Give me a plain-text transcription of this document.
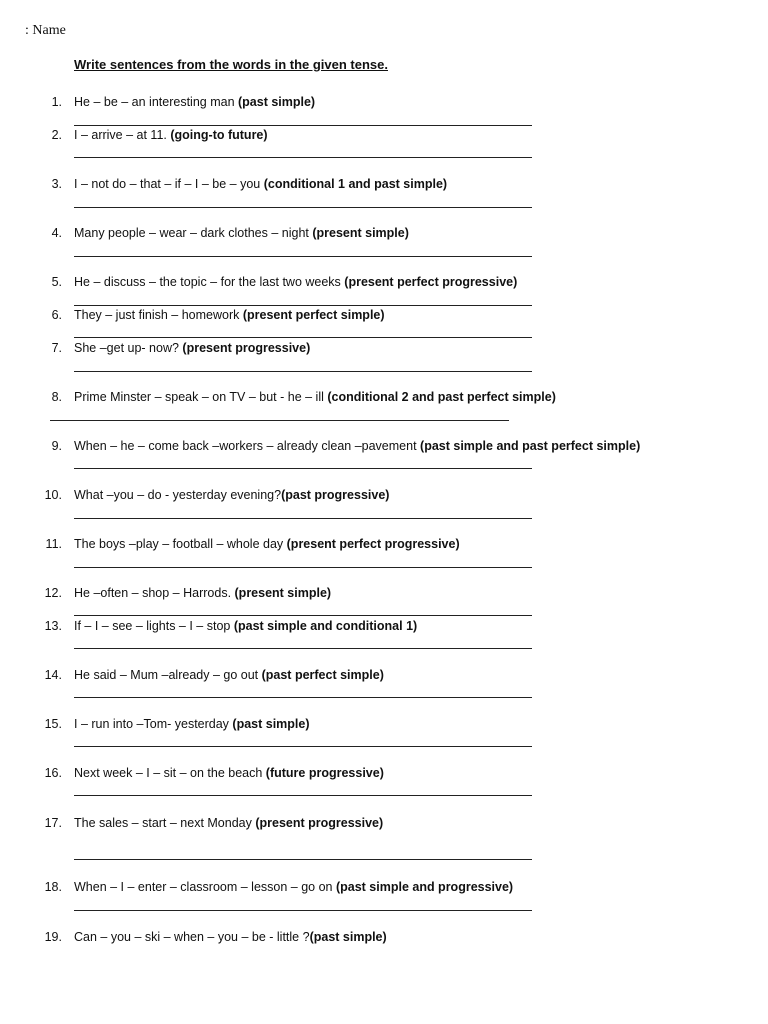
: Name
Write sentences from the words in the given tense.
1. He – be – an interesting man (past simple)
2. I – arrive – at 11. (going-to future)
3. I – not do – that – if – I – be – you (conditional 1 and past simple)
4. Many people – wear – dark clothes – night (present simple)
5. He – discuss – the topic – for the last two weeks (present perfect progressive)
6. They – just finish – homework (present perfect simple)
7. She –get up- now? (present progressive)
8. Prime Minster – speak – on TV – but - he – ill (conditional 2 and past perfect simple)
9. When – he – come back –workers – already clean –pavement (past simple and past perfect simple)
10. What –you – do - yesterday evening?(past progressive)
11. The boys –play – football – whole day (present perfect progressive)
12. He –often – shop – Harrods. (present simple)
13. If – I – see – lights – I – stop (past simple and conditional 1)
14. He said – Mum –already – go out (past perfect simple)
15. I – run into –Tom- yesterday (past simple)
16. Next week – I – sit – on the beach (future progressive)
17. The sales – start – next Monday (present progressive)
18. When – I – enter – classroom – lesson – go on (past simple and progressive)
19. Can – you – ski – when – you – be - little ?(past simple)
